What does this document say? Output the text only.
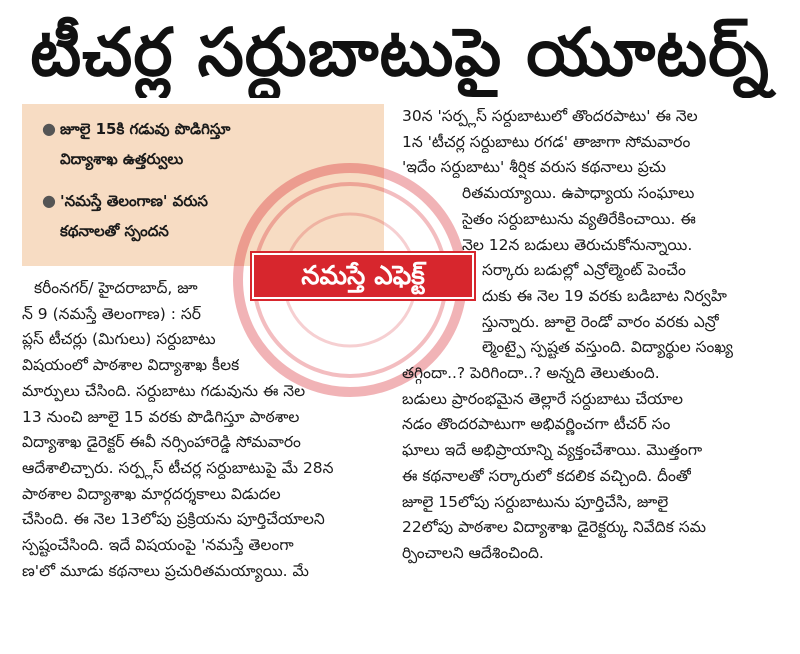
టీచర్ల సర్దుబాటుపై యూటర్న్
● జూలై 15కి గడువు పొడిగిస్తూ
విద్యాశాఖ ఉత్తర్వులు
● 'నమస్తే తెలంగాణ' వరుస
కథనాలతో స్పందన
నమస్తే ఎఫెక్ట్
కరీంనగర్/ హైదరాబాద్, జూ
న్ 9 (నమస్తే తెలంగాణ) : సర్
ప్లస్ టీచర్లు (మిగులు) సర్దుబాటు
విషయంలో పాఠశాల విద్యాశాఖ కీలక
మార్పులు చేసింది. సర్దుబాటు గడువును ఈ నెల
13 నుంచి జూలై 15 వరకు పొడిగిస్తూ పాఠశాల
విద్యాశాఖ డైరెక్టర్ ఈవీ నర్సింహారెడ్డి సోమవారం
ఆదేశాలిచ్చారు. సర్ప్లస్ టీచర్ల సర్దుబాటుపై మే 28న
పాఠశాల విద్యాశాఖ మార్గదర్శకాలు విడుదల
చేసింది. ఈ నెల 13లోపు ప్రక్రియను పూర్తిచేయాలని
స్పష్టంచేసింది. ఇదే విషయంపై 'నమస్తే తెలంగా
ణ'లో మూడు కథనాలు ప్రచురితమయ్యాయి. మే
30న 'సర్ప్లస్ సర్దుబాటులో తొందరపాటు' ఈ నెల
1న 'టీచర్ల సర్దుబాటు రగడ' తాజాగా సోమవారం
'ఇదేం సర్దుబాటు' శీర్షిక వరుస కథనాలు ప్రచు
రితమయ్యాయి. ఉపాధ్యాయ సంఘాలు
సైతం సర్దుబాటును వ్యతిరేకించాయి. ఈ
నెల 12న బడులు తెరుచుకోనున్నాయి.
సర్కారు బడుల్లో ఎన్రోల్మెంట్ పెంచేం
దుకు ఈ నెల 19 వరకు బడిబాట నిర్వహి
స్తున్నారు. జూలై రెండో వారం వరకు ఎన్రో
ల్మెంట్పై స్పష్టత వస్తుంది. విద్యార్థుల సంఖ్య
తగ్గిందా..? పెరిగిందా..? అన్నది తెలుతుంది.
బడులు ప్రారంభమైన తెల్లారే సర్దుబాటు చేయాల
నడం తొందరపాటుగా అభివర్ణించగా టీచర్ సం
ఘాలు ఇదే అభిప్రాయాన్ని వ్యక్తంచేశాయి. మొత్తంగా
ఈ కథనాలతో సర్కారులో కదలిక వచ్చింది. దీంతో
జూలై 15లోపు సర్దుబాటును పూర్తిచేసి, జూలై
22లోపు పాఠశాల విద్యాశాఖ డైరెక్టర్కు నివేదిక సమ
ర్పించాలని ఆదేశించింది.
